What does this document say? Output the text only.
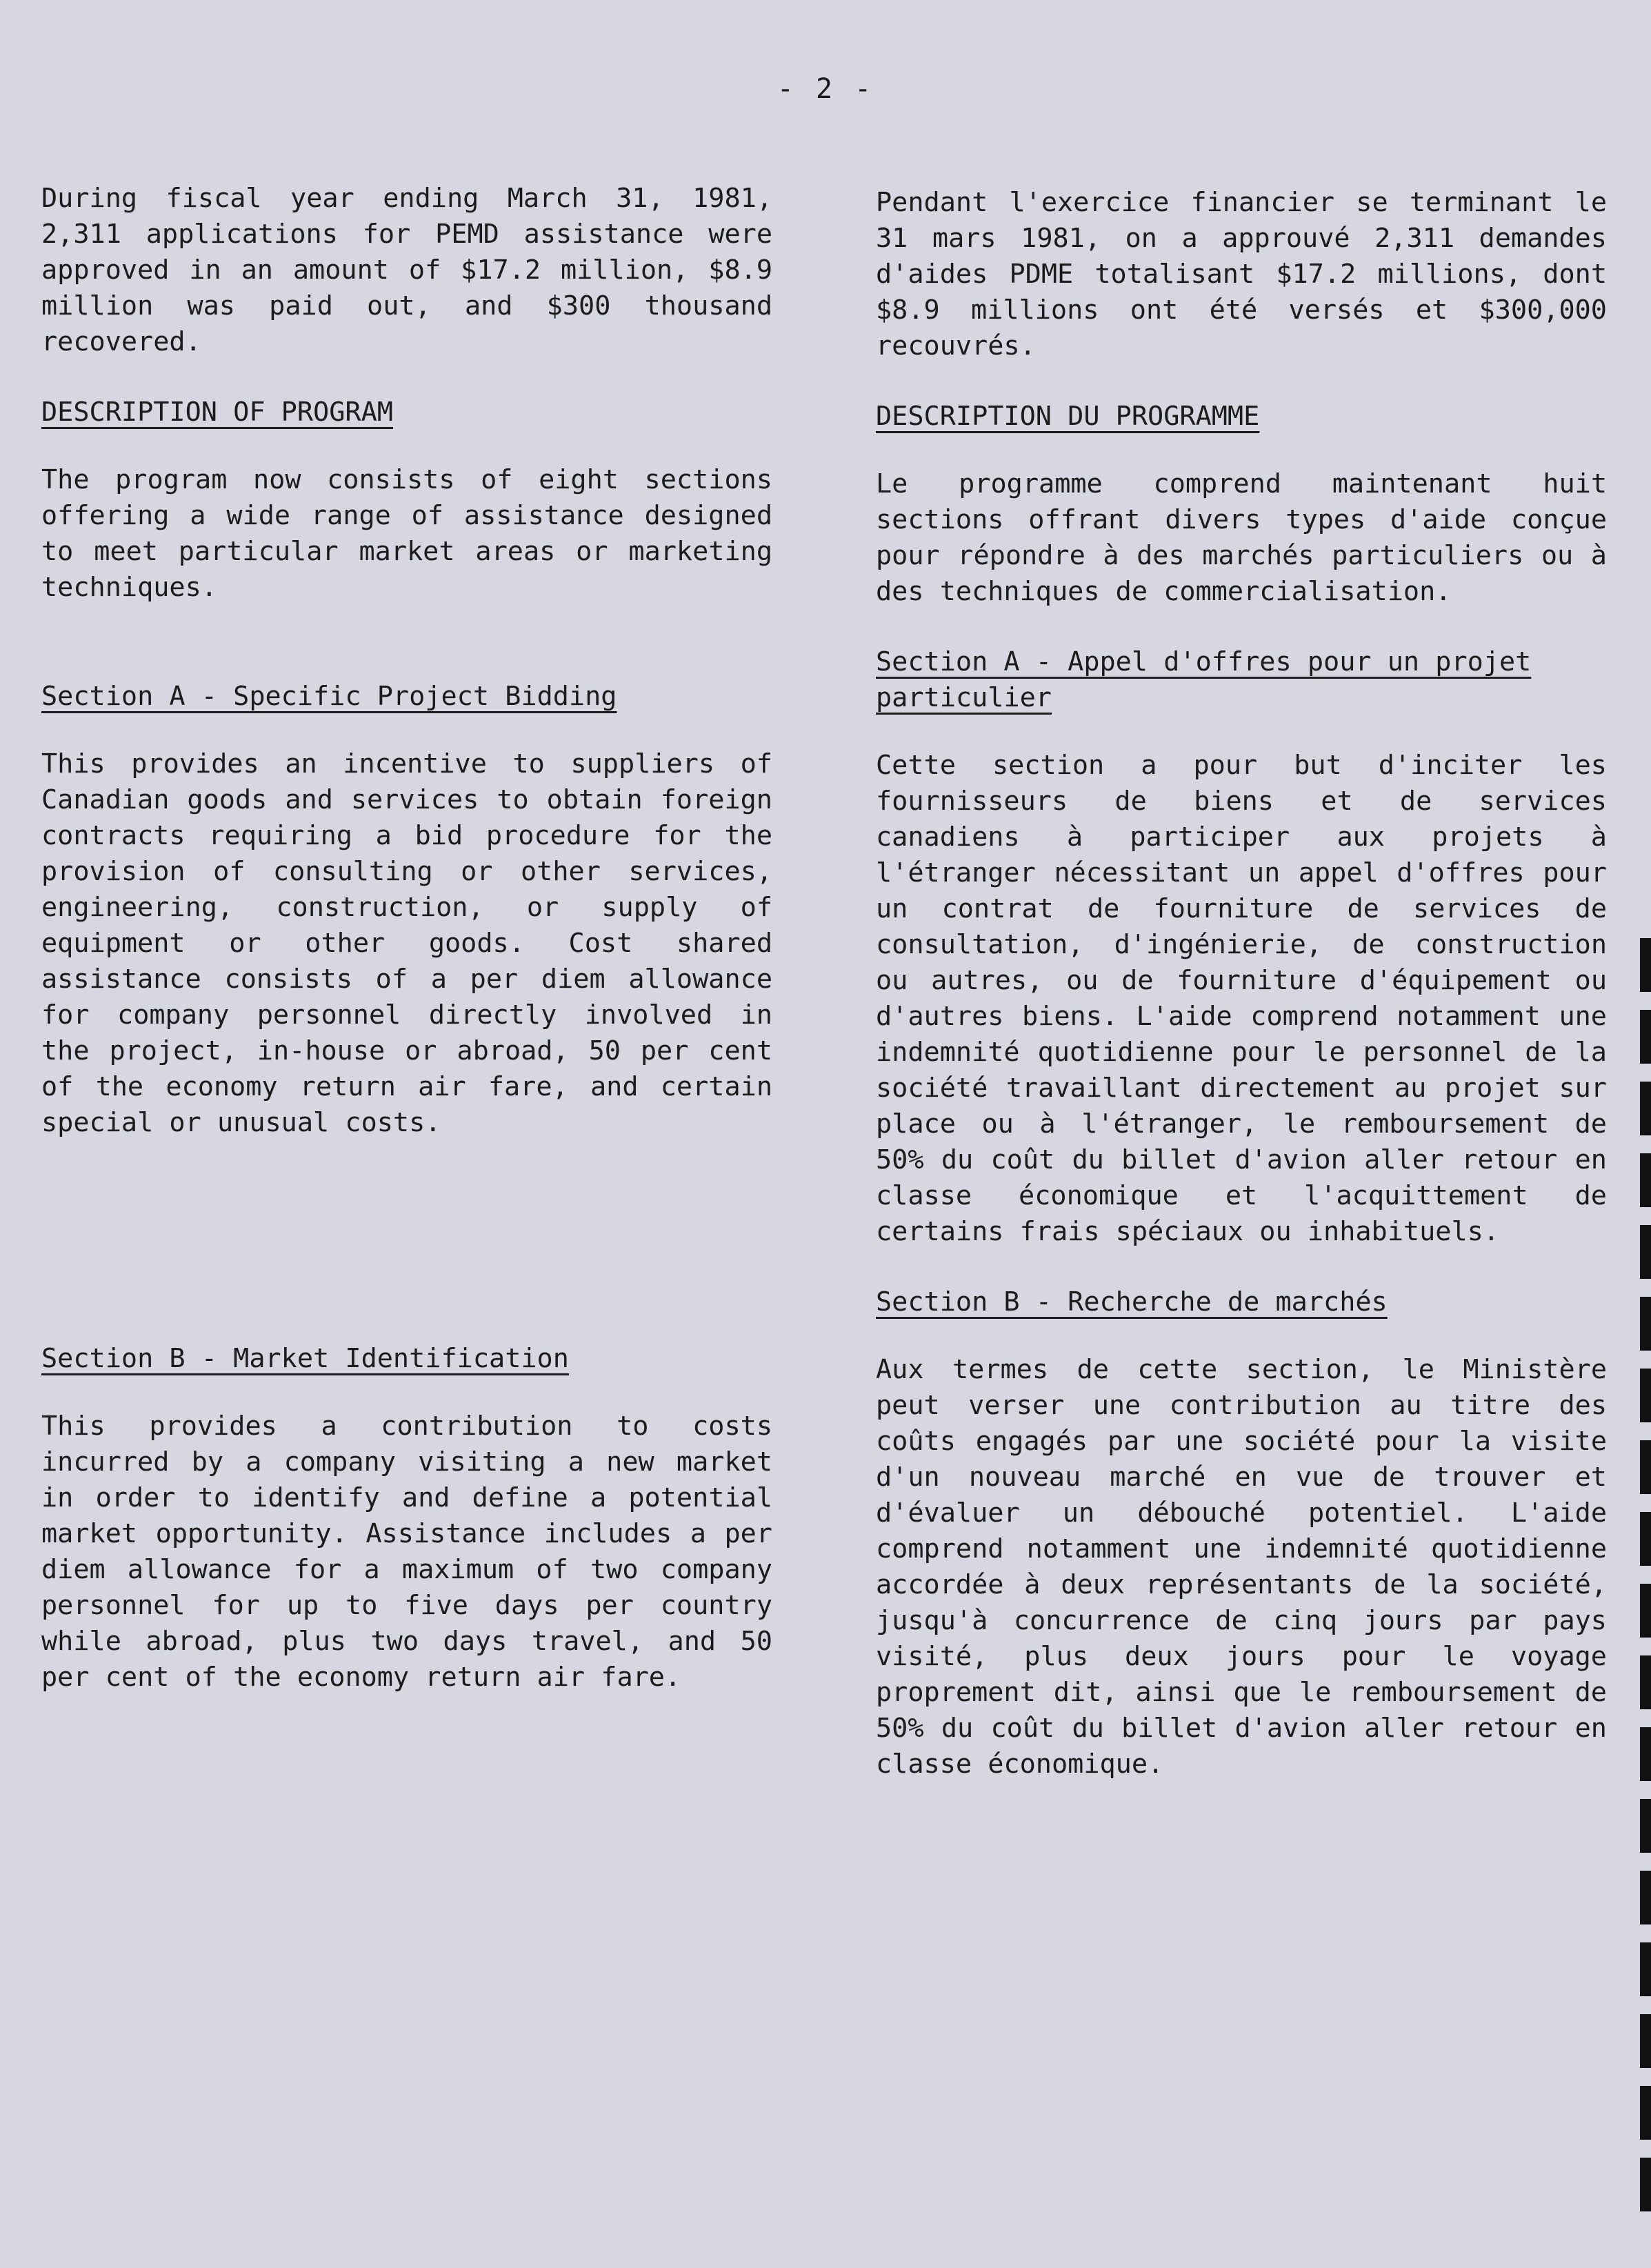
- 2 -

During fiscal year ending March 31, 1981, 2,311 applications for PEMD assistance were approved in an amount of $17.2 million, $8.9 million was paid out, and $300 thousand recovered.

DESCRIPTION OF PROGRAM

The program now consists of eight sections offering a wide range of assistance designed to meet particular market areas or marketing techniques.

Section A - Specific Project Bidding

This provides an incentive to suppliers of Canadian goods and services to obtain foreign contracts requiring a bid procedure for the provision of consulting or other services, engineering, construction, or supply of equipment or other goods. Cost shared assistance consists of a per diem allowance for company personnel directly involved in the project, in-house or abroad, 50 per cent of the economy return air fare, and certain special or unusual costs.

Section B - Market Identification

This provides a contribution to costs incurred by a company visiting a new market in order to identify and define a potential market opportunity. Assistance includes a per diem allowance for a maximum of two company personnel for up to five days per country while abroad, plus two days travel, and 50 per cent of the economy return air fare.

Pendant l'exercice financier se terminant le 31 mars 1981, on a approuvé 2,311 demandes d'aides PDME totalisant $17.2 millions, dont $8.9 millions ont été versés et $300,000 recouvrés.

DESCRIPTION DU PROGRAMME

Le programme comprend maintenant huit sections offrant divers types d'aide conçue pour répondre à des marchés particuliers ou à des techniques de commercialisation.

Section A - Appel d'offres pour un projet particulier

Cette section a pour but d'inciter les fournisseurs de biens et de services canadiens à participer aux projets à l'étranger nécessitant un appel d'offres pour un contrat de fourniture de services de consultation, d'ingénierie, de construction ou autres, ou de fourniture d'équipement ou d'autres biens. L'aide comprend notamment une indemnité quotidienne pour le personnel de la société travaillant directement au projet sur place ou à l'étranger, le remboursement de 50% du coût du billet d'avion aller retour en classe économique et l'acquittement de certains frais spéciaux ou inhabituels.

Section B - Recherche de marchés

Aux termes de cette section, le Ministère peut verser une contribution au titre des coûts engagés par une société pour la visite d'un nouveau marché en vue de trouver et d'évaluer un débouché potentiel. L'aide comprend notamment une indemnité quotidienne accordée à deux représentants de la société, jusqu'à concurrence de cinq jours par pays visité, plus deux jours pour le voyage proprement dit, ainsi que le remboursement de 50% du coût du billet d'avion aller retour en classe économique.
